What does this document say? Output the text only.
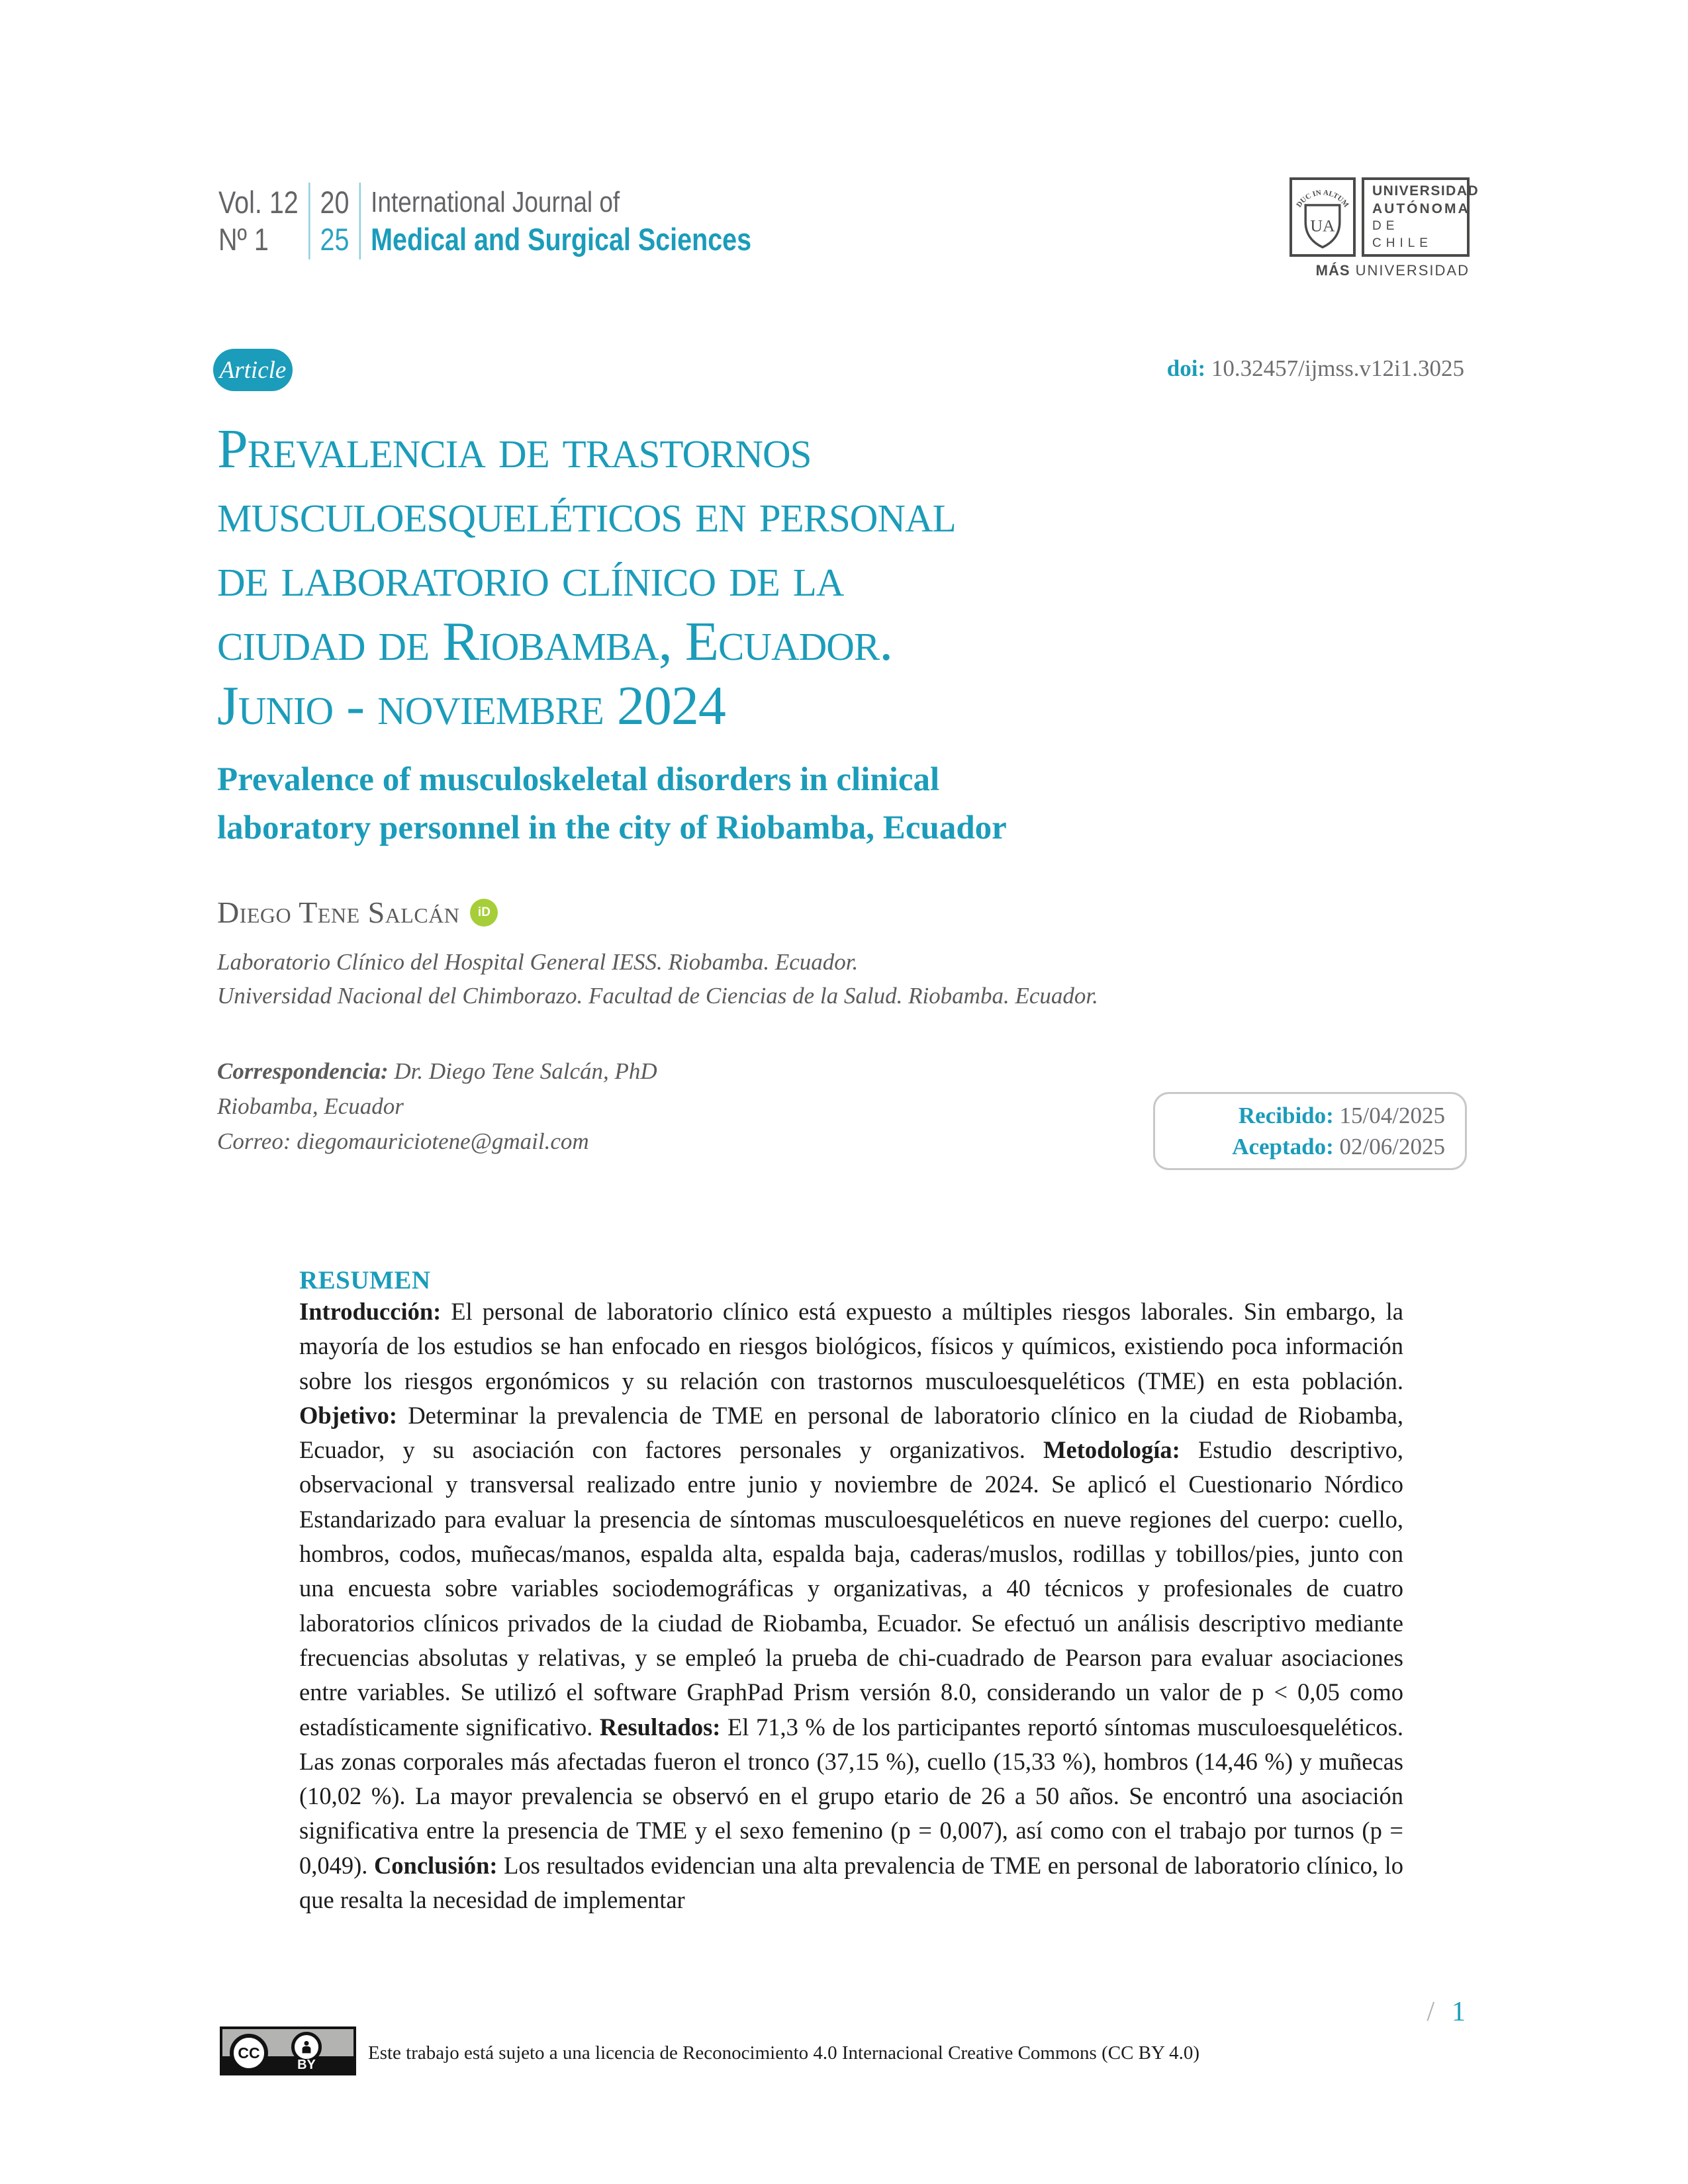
Vol. 12
Nº 1
20
25
International Journal of
Medical and Surgical Sciences
DUC IN ALTUM
UA
UNIVERSIDAD
AUTÓNOMA
DE CHILE
MÁS UNIVERSIDAD
Article	doi: 10.32457/ijmss.v12i1.3025
Prevalencia de trastornos
musculoesqueléticos en personal
de laboratorio clínico de la
ciudad de Riobamba, Ecuador.
Junio - noviembre 2024
Prevalence of musculoskeletal disorders in clinical
laboratory personnel in the city of Riobamba, Ecuador
Diego Tene Salcán	iD
Laboratorio Clínico del Hospital General IESS. Riobamba. Ecuador.
Universidad Nacional del Chimborazo. Facultad de Ciencias de la Salud. Riobamba. Ecuador.
Correspondencia: Dr. Diego Tene Salcán, PhD
Riobamba, Ecuador
Correo: diegomauriciotene@gmail.com
Recibido: 15/04/2025
Aceptado: 02/06/2025
RESUMEN

Introducción: El personal de laboratorio clínico está expuesto a múltiples riesgos laborales. Sin embargo, la mayoría de los estudios se han enfocado en riesgos biológicos, físicos y químicos, existiendo poca información sobre los riesgos ergonómicos y su relación con trastornos musculoesqueléticos (TME) en esta población. Objetivo: Determinar la prevalencia de TME en personal de laboratorio clínico en la ciudad de Riobamba, Ecuador, y su asociación con factores personales y organizativos. Metodología: Estudio descriptivo, observacional y transversal realizado entre junio y noviembre de 2024. Se aplicó el Cuestionario Nórdico Estandarizado para evaluar la presencia de síntomas musculoesqueléticos en nueve regiones del cuerpo: cuello, hombros, codos, muñecas/manos, espalda alta, espalda baja, caderas/muslos, rodillas y tobillos/pies, junto con una encuesta sobre variables sociodemográficas y organizativas, a 40 técnicos y profesionales de cuatro laboratorios clínicos privados de la ciudad de Riobamba, Ecuador. Se efectuó un análisis descriptivo mediante frecuencias absolutas y relativas, y se empleó la prueba de chi-cuadrado de Pearson para evaluar asociaciones entre variables. Se utilizó el software GraphPad Prism versión 8.0, considerando un valor de p < 0,05 como estadísticamente significativo. Resultados: El 71,3 % de los participantes reportó síntomas musculoesqueléticos. Las zonas corporales más afectadas fueron el tronco (37,15 %), cuello (15,33 %), hombros (14,46 %) y muñecas (10,02 %). La mayor prevalencia se observó en el grupo etario de 26 a 50 años. Se encontró una asociación significativa entre la presencia de TME y el sexo femenino (p = 0,007), así como con el trabajo por turnos (p = 0,049). Conclusión: Los resultados evidencian una alta prevalencia de TME en personal de laboratorio clínico, lo que resalta la necesidad de implementar

CC
BY
Este trabajo está sujeto a una licencia de Reconocimiento 4.0 Internacional Creative Commons (CC BY 4.0)
/ 1
